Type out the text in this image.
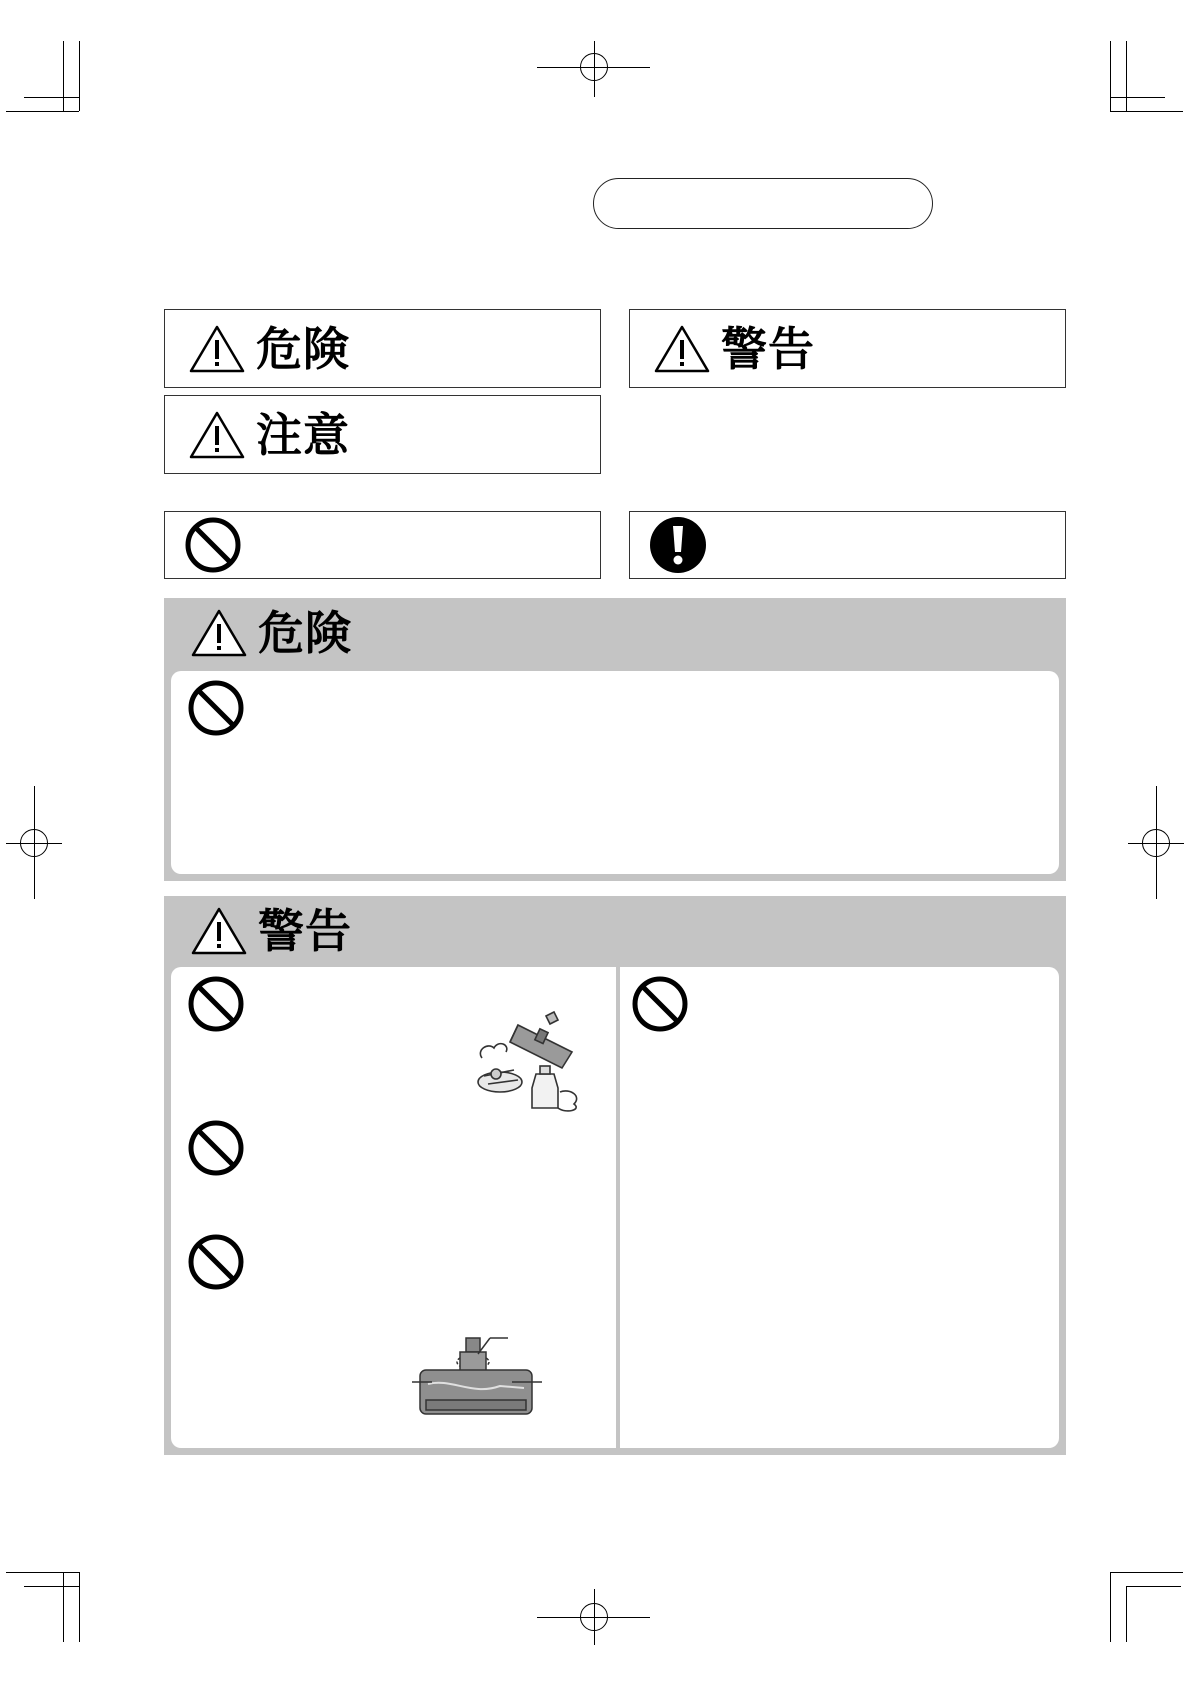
危険	警告
注意
危険
警告
